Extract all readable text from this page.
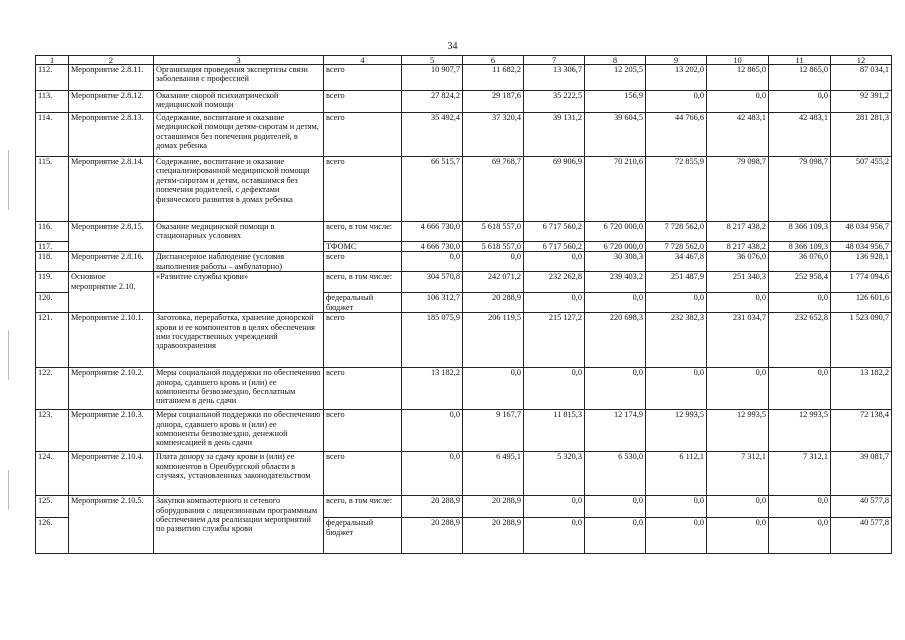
34
1	2	3	4	5	6	7	8	9	10	11	12
112.	Мероприятие 2.8.11.	Организация проведения экспертизы связи заболевания с профессией	всего	10 907,7	11 682,2	13 306,7	12 205,5	13 202,0	12 865,0	12 865,0	87 034,1
113.	Мероприятие 2.8.12.	Оказание скорой психиатрической медицинской помощи	всего	27 824,2	29 187,6	35 222,5	156,9	0,0	0,0	0,0	92 391,2
114.	Мероприятие 2.8.13.	Содержание, воспитание и оказание медицинской помощи детям-сиротам и детям, оставшимся без попечения родителей, в домах ребенка	всего	35 492,4	37 320,4	39 131,2	39 604,5	44 766,6	42 483,1	42 483,1	281 281,3
115.	Мероприятие 2.8.14.	Содержание, воспитание и оказание специализированной медицинской помощи детям-сиротам и детям, оставшимся без попечения родителей, с дефектами физического развития в домах ребенка	всего	66 515,7	69 768,7	69 906,9	70 210,6	72 855,9	79 098,7	79 098,7	507 455,2
116.	Мероприятие 2.8.15.	Оказание медицинской помощи в стационарных условиях	всего, в том числе:	4 666 730,0	5 618 557,0	6 717 560,2	6 720 000,0	7 728 562,0	8 217 438,2	8 366 109,3	48 034 956,7
117.			ТФОМС	4 666 730,0	5 618 557,0	6 717 560,2	6 720 000,0	7 728 562,0	8 217 438,2	8 366 109,3	48 034 956,7
118.	Мероприятие 2.8.16.	Диспансерное наблюдение (условия выполнения работы – амбулаторно)	всего	0,0	0,0	0,0	30 308,3	34 467,8	36 076,0	36 076,0	136 928,1
119.	Основное мероприятие 2.10.	«Развитие службы крови»	всего, в том числе:	304 570,8	242 071,2	232 262,8	239 403,2	251 487,9	251 340,3	252 958,4	1 774 094,6
120.			федеральный бюджет	106 312,7	20 288,9	0,0	0,0	0,0	0,0	0,0	126 601,6
121.	Мероприятие 2.10.1.	Заготовка, переработка, хранение донорской крови и ее компонентов в целях обеспечения ими государственных учреждений здравоохранения	всего	185 075,9	206 119,5	215 127,2	220 698,3	232 382,3	231 034,7	232 652,8	1 523 090,7
122.	Мероприятие 2.10.2.	Меры социальной поддержки по обеспечению донора, сдавшего кровь и (или) ее компоненты безвозмездно, бесплатным питанием в день сдачи	всего	13 182,2	0,0	0,0	0,0	0,0	0,0	0,0	13 182,2
123.	Мероприятие 2.10.3.	Меры социальной поддержки по обеспечению донора, сдавшего кровь и (или) ее компоненты безвозмездно, денежной компенсацией в день сдачи	всего	0,0	9 167,7	11 815,3	12 174,9	12 993,5	12 993,5	12 993,5	72 138,4
124.	Мероприятие 2.10.4.	Плата донору за сдачу крови и (или) ее компонентов в Оренбургской области в случаях, установленных законодательством	всего	0,0	6 495,1	5 320,3	6 530,0	6 112,1	7 312,1	7 312,1	39 081,7
125.	Мероприятие 2.10.5.	Закупки компьютерного и сетевого оборудования с лицензионным программным обеспечением для реализации мероприятий по развитию службы крови	всего, в том числе:	20 288,9	20 288,9	0,0	0,0	0,0	0,0	0,0	40 577,8
126.			федеральный бюджет	20 288,9	20 288,9	0,0	0,0	0,0	0,0	0,0	40 577,8
